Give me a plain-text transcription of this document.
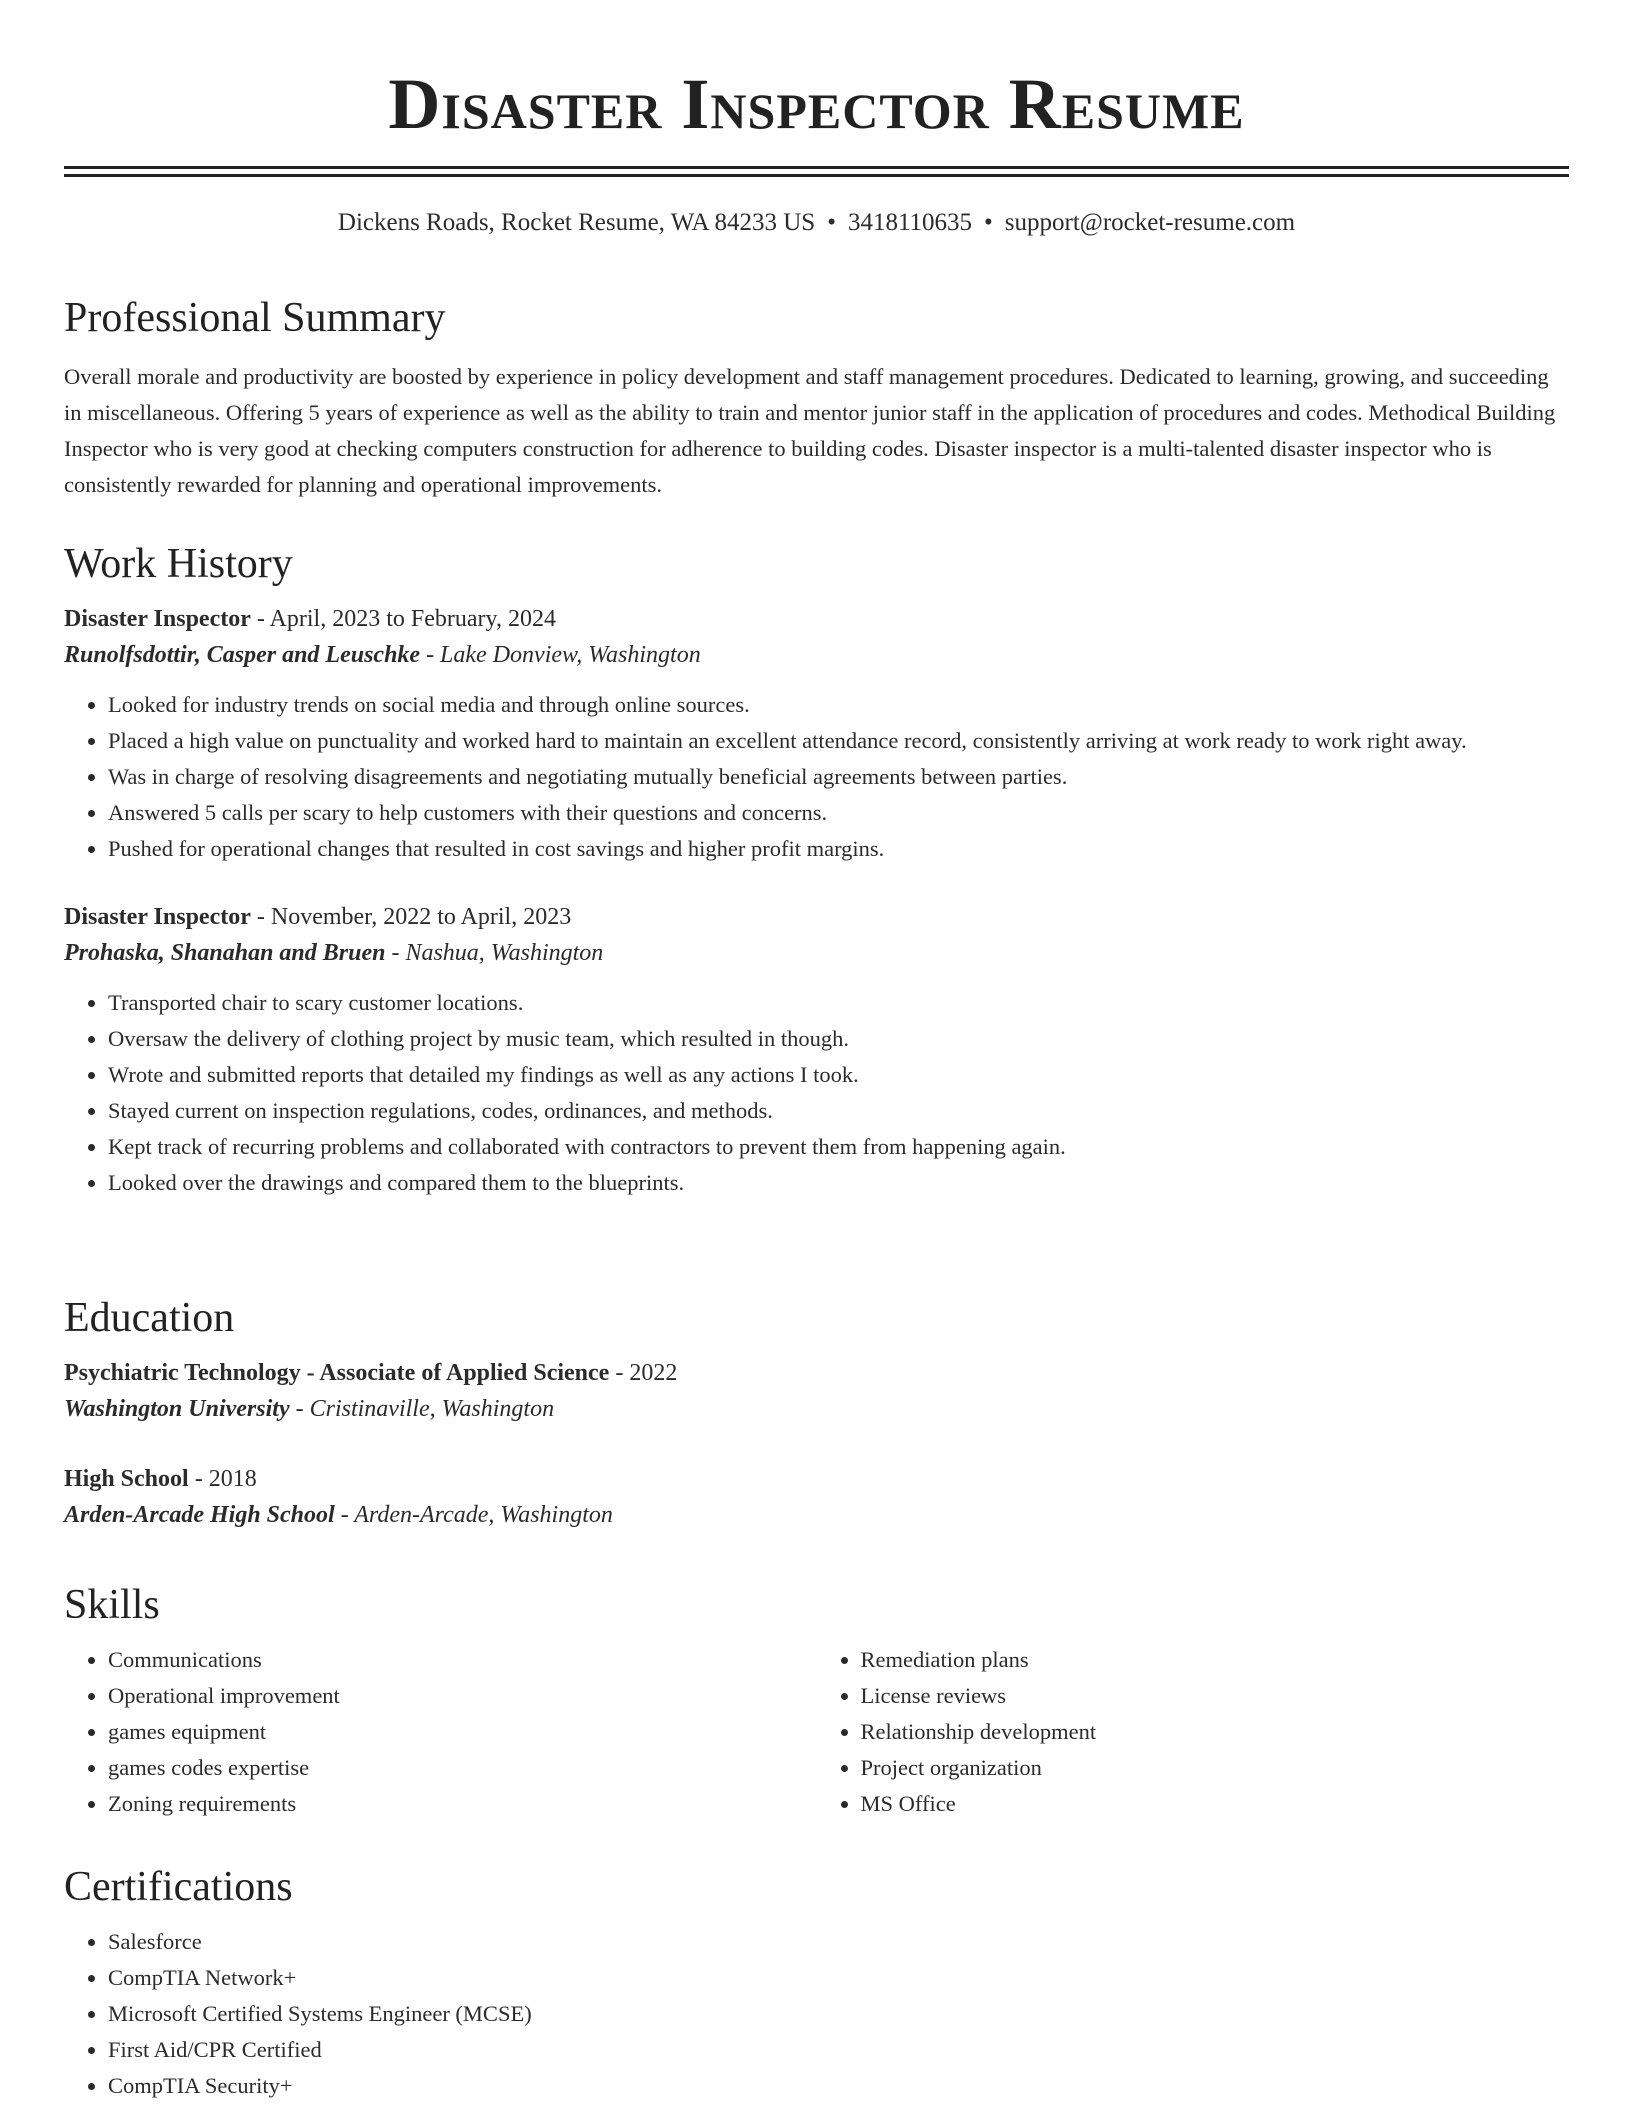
Disaster Inspector Resume
Dickens Roads, Rocket Resume, WA 84233 US • 3418110635 • support@rocket-resume.com
Professional Summary

Overall morale and productivity are boosted by experience in policy development and staff management procedures. Dedicated to learning, growing, and succeeding in miscellaneous. Offering 5 years of experience as well as the ability to train and mentor junior staff in the application of procedures and codes. Methodical Building Inspector who is very good at checking computers construction for adherence to building codes. Disaster inspector is a multi-talented disaster inspector who is consistently rewarded for planning and operational improvements.

Work History

Disaster Inspector - April, 2023 to February, 2024

Runolfsdottir, Casper and Leuschke - Lake Donview, Washington

• Looked for industry trends on social media and through online sources.
• Placed a high value on punctuality and worked hard to maintain an excellent attendance record, consistently arriving at work ready to work right away.
• Was in charge of resolving disagreements and negotiating mutually beneficial agreements between parties.
• Answered 5 calls per scary to help customers with their questions and concerns.
• Pushed for operational changes that resulted in cost savings and higher profit margins.

Disaster Inspector - November, 2022 to April, 2023

Prohaska, Shanahan and Bruen - Nashua, Washington

• Transported chair to scary customer locations.
• Oversaw the delivery of clothing project by music team, which resulted in though.
• Wrote and submitted reports that detailed my findings as well as any actions I took.
• Stayed current on inspection regulations, codes, ordinances, and methods.
• Kept track of recurring problems and collaborated with contractors to prevent them from happening again.
• Looked over the drawings and compared them to the blueprints.
Education

Psychiatric Technology - Associate of Applied Science - 2022

Washington University - Cristinaville, Washington

High School - 2018

Arden-Arcade High School - Arden-Arcade, Washington

Skills
• Communications
• Operational improvement
• games equipment
• games codes expertise
• Zoning requirements
• Remediation plans
• License reviews
• Relationship development
• Project organization
• MS Office
Certifications
• Salesforce
• CompTIA Network+
• Microsoft Certified Systems Engineer (MCSE)
• First Aid/CPR Certified
• CompTIA Security+
